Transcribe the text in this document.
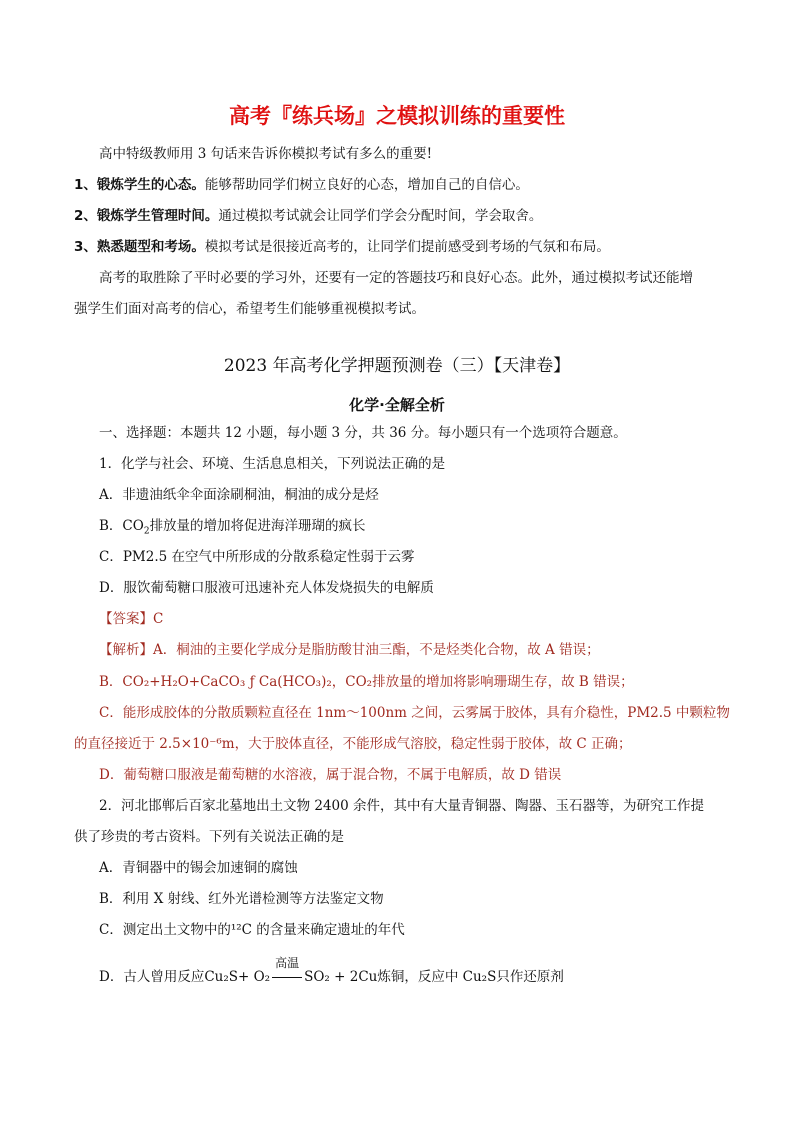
高考『练兵场』之模拟训练的重要性
高中特级教师用 3 句话来告诉你模拟考试有多么的重要!
1、锻炼学生的心态。能够帮助同学们树立良好的心态，增加自己的自信心。
2、锻炼学生管理时间。通过模拟考试就会让同学们学会分配时间，学会取舍。
3、熟悉题型和考场。模拟考试是很接近高考的，让同学们提前感受到考场的气氛和布局。
高考的取胜除了平时必要的学习外，还要有一定的答题技巧和良好心态。此外，通过模拟考试还能增
强学生们面对高考的信心，希望考生们能够重视模拟考试。
2023 年高考化学押题预测卷（三）【天津卷】
化学·全解全析
一、选择题：本题共 12 小题，每小题 3 分，共 36 分。每小题只有一个选项符合题意。
1．化学与社会、环境、生活息息相关，下列说法正确的是
A．非遗油纸伞伞面涂刷桐油，桐油的成分是烃
B．$CO_2$排放量的增加将促进海洋珊瑚的疯长
C．PM2.5 在空气中所形成的分散系稳定性弱于云雾
D．服饮葡萄糖口服液可迅速补充人体发烧损失的电解质
【答案】C
【解析】A．桐油的主要化学成分是脂肪酸甘油三酯，不是烃类化合物，故 A 错误；
B．CO₂+H₂O+CaCO₃ ƒ Ca(HCO₃)₂，CO₂排放量的增加将影响珊瑚生存，故 B 错误；
C．能形成胶体的分散质颗粒直径在 1nm～100nm 之间，云雾属于胶体，具有介稳性，PM2.5 中颗粒物
的直径接近于 2.5×10⁻⁶m，大于胶体直径，不能形成气溶胶，稳定性弱于胶体，故 C 正确；
D．葡萄糖口服液是葡萄糖的水溶液，属于混合物，不属于电解质，故 D 错误
2．河北邯郸后百家北墓地出土文物 2400 余件，其中有大量青铜器、陶器、玉石器等，为研究工作提
供了珍贵的考古资料。下列有关说法正确的是
A．青铜器中的锡会加速铜的腐蚀
B．利用 X 射线、红外光谱检测等方法鉴定文物
C．测定出土文物中的¹²C 的含量来确定遗址的年代
D．古人曾用反应Cu₂S+ O₂
高温
SO₂ + 2Cu炼铜，反应中 Cu₂S只作还原剂
